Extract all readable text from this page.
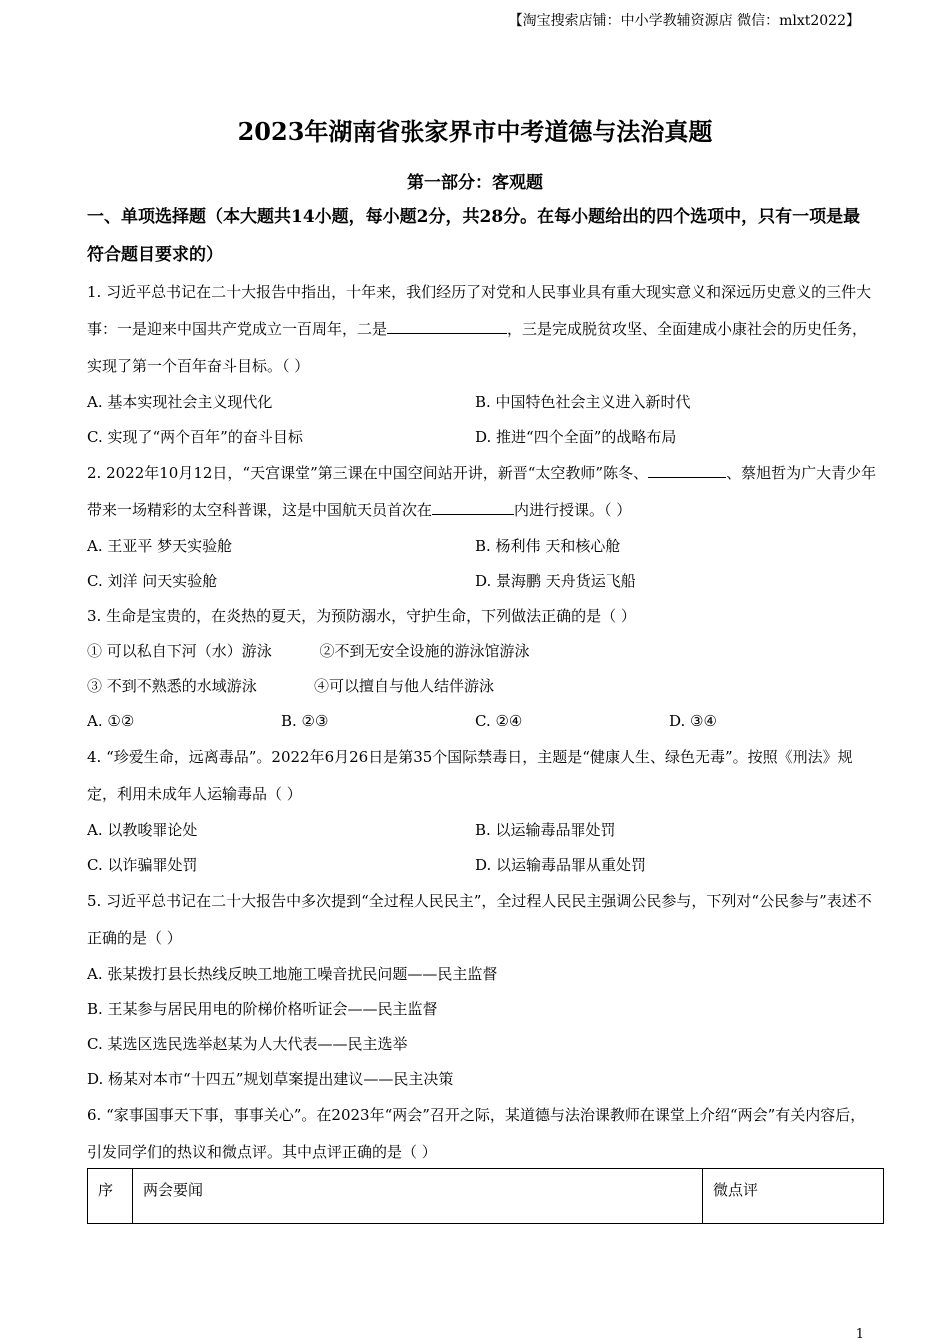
【淘宝搜索店铺：中小学教辅资源店 微信：mlxt2022】
2023年湖南省张家界市中考道德与法治真题
第一部分：客观题
一、单项选择题（本大题共14小题，每小题2分，共28分。在每小题给出的四个选项中，只有一项是最符合题目要求的）
1. 习近平总书记在二十大报告中指出，十年来，我们经历了对党和人民事业具有重大现实意义和深远历史意义的三件大事：一是迎来中国共产党成立一百周年，二是	，三是完成脱贫攻坚、全面建成小康社会的历史任务，实现了第一个百年奋斗目标。（ ）
A. 基本实现社会主义现代化	B. 中国特色社会主义进入新时代
C. 实现了“两个百年”的奋斗目标	D. 推进“四个全面”的战略布局
2. 2022年10月12日，“天宫课堂”第三课在中国空间站开讲，新晋“太空教师”陈冬、	、蔡旭哲为广大青少年带来一场精彩的太空科普课，这是中国航天员首次在	内进行授课。（ ）
A. 王亚平 梦天实验舱	B. 杨利伟 天和核心舱
C. 刘洋 问天实验舱	D. 景海鹏 天舟货运飞船
3. 生命是宝贵的，在炎热的夏天，为预防溺水，守护生命，下列做法正确的是（ ）
① 可以私自下河（水）游泳          ②不到无安全设施的游泳馆游泳
③ 不到不熟悉的水域游泳            ④可以擅自与他人结伴游泳
A. ①②	B. ②③	C. ②④	D. ③④
4. “珍爱生命，远离毒品”。2022年6月26日是第35个国际禁毒日，主题是“健康人生、绿色无毒”。按照《刑法》规定，利用未成年人运输毒品（ ）
A. 以教唆罪论处	B. 以运输毒品罪处罚
C. 以诈骗罪处罚	D. 以运输毒品罪从重处罚
5. 习近平总书记在二十大报告中多次提到“全过程人民民主”，全过程人民民主强调公民参与，下列对“公民参与”表述不正确的是（ ）
A. 张某拨打县长热线反映工地施工噪音扰民问题——民主监督
B. 王某参与居民用电的阶梯价格听证会——民主监督
C. 某选区选民选举赵某为人大代表——民主选举
D. 杨某对本市“十四五”规划草案提出建议——民主决策
6. “家事国事天下事，事事关心”。在2023年“两会”召开之际，某道德与法治课教师在课堂上介绍“两会”有关内容后，引发同学们的热议和微点评。其中点评正确的是（ ）
序	两会要闻	微点评
1
